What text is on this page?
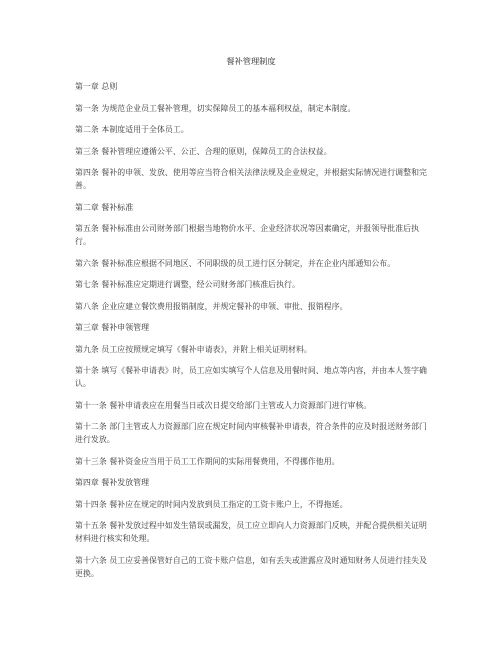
餐补管理制度

第一章 总则

第一条 为规范企业员工餐补管理，切实保障员工的基本福利权益，制定本制度。

第二条 本制度适用于全体员工。

第三条 餐补管理应遵循公平、公正、合理的原则，保障员工的合法权益。

第四条 餐补的申领、发放、使用等应当符合相关法律法规及企业规定，并根据实际情况进行调整和完善。

第二章 餐补标准

第五条 餐补标准由公司财务部门根据当地物价水平、企业经济状况等因素确定，并报领导批准后执行。

第六条 餐补标准应根据不同地区、不同职级的员工进行区分制定，并在企业内部通知公布。

第七条 餐补标准应定期进行调整，经公司财务部门核准后执行。

第八条 企业应建立餐饮费用报销制度，并规定餐补的申领、审批、报销程序。

第三章 餐补申领管理

第九条 员工应按照规定填写《餐补申请表》，并附上相关证明材料。

第十条 填写《餐补申请表》时，员工应如实填写个人信息及用餐时间、地点等内容，并由本人签字确认。

第十一条 餐补申请表应在用餐当日或次日提交给部门主管或人力资源部门进行审核。

第十二条 部门主管或人力资源部门应在规定时间内审核餐补申请表，符合条件的应及时报送财务部门进行发放。

第十三条 餐补资金应当用于员工工作期间的实际用餐费用，不得挪作他用。

第四章 餐补发放管理

第十四条 餐补应在规定的时间内发放到员工指定的工资卡账户上，不得拖延。

第十五条 餐补发放过程中如发生错误或漏发，员工应立即向人力资源部门反映，并配合提供相关证明材料进行核实和处理。

第十六条 员工应妥善保管好自己的工资卡账户信息，如有丢失或泄露应及时通知财务人员进行挂失及更换。
